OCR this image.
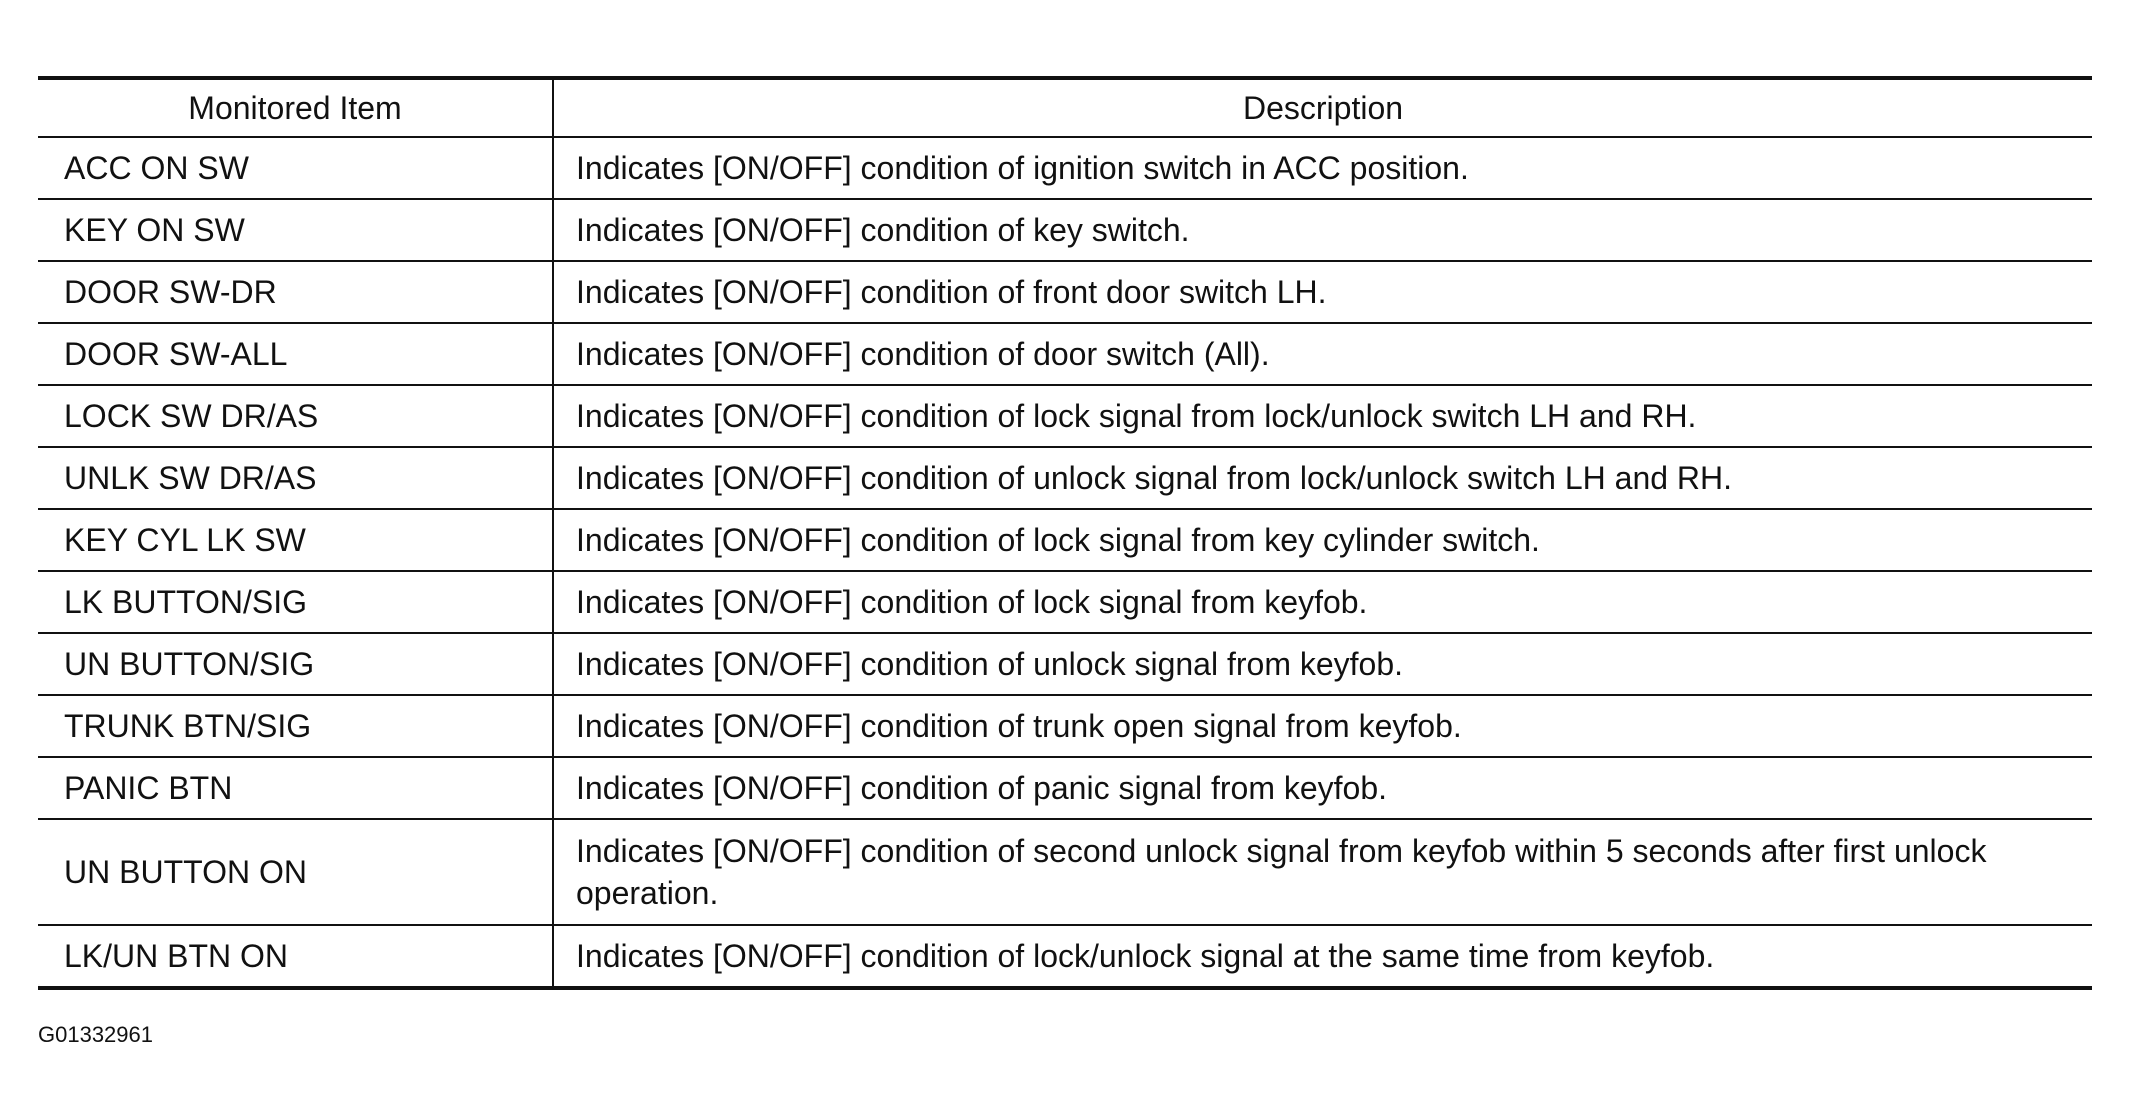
Monitored Item	Description
ACC ON SW	Indicates [ON/OFF] condition of ignition switch in ACC position.
KEY ON SW	Indicates [ON/OFF] condition of key switch.
DOOR SW-DR	Indicates [ON/OFF] condition of front door switch LH.
DOOR SW-ALL	Indicates [ON/OFF] condition of door switch (All).
LOCK SW DR/AS	Indicates [ON/OFF] condition of lock signal from lock/unlock switch LH and RH.
UNLK SW DR/AS	Indicates [ON/OFF] condition of unlock signal from lock/unlock switch LH and RH.
KEY CYL LK SW	Indicates [ON/OFF] condition of lock signal from key cylinder switch.
LK BUTTON/SIG	Indicates [ON/OFF] condition of lock signal from keyfob.
UN BUTTON/SIG	Indicates [ON/OFF] condition of unlock signal from keyfob.
TRUNK BTN/SIG	Indicates [ON/OFF] condition of trunk open signal from keyfob.
PANIC BTN	Indicates [ON/OFF] condition of panic signal from keyfob.
UN BUTTON ON	Indicates [ON/OFF] condition of second unlock signal from keyfob within 5 seconds after first unlock operation.
LK/UN BTN ON	Indicates [ON/OFF] condition of lock/unlock signal at the same time from keyfob.
G01332961
